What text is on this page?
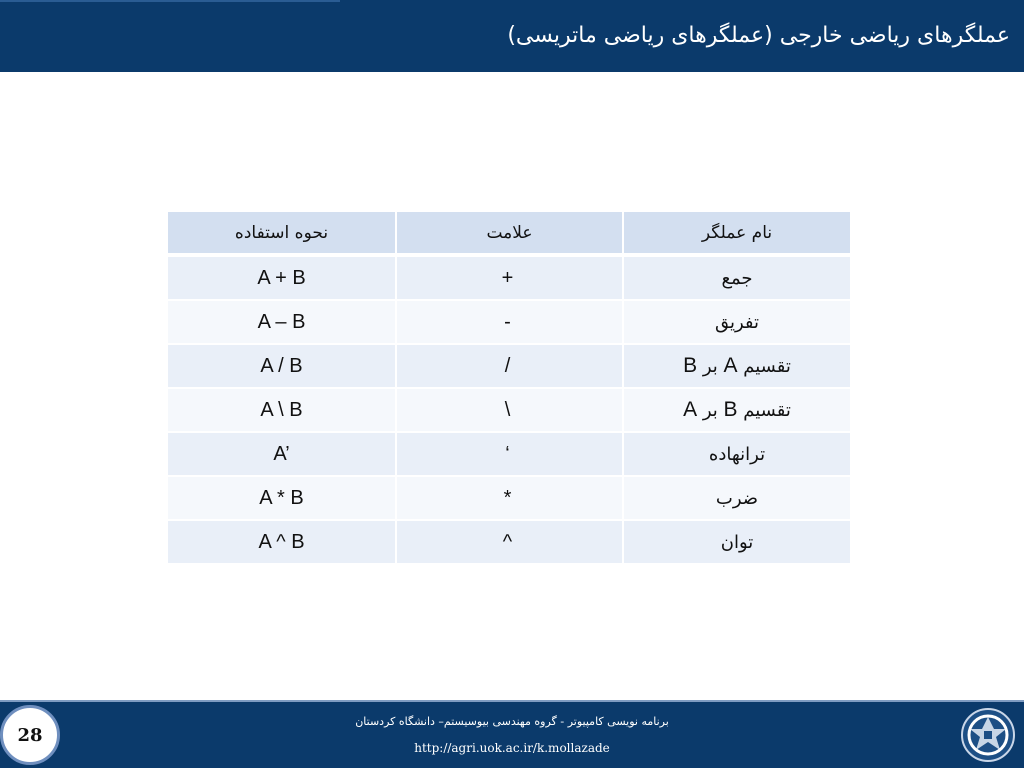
عملگرهای ریاضی خارجی (عملگرهای ریاضی ماتریسی)
نام عملگر	علامت	نحوه استفاده
جمع	+	A + B
تفریق	-	A – B
تقسیم A بر B	/	A / B
تقسیم B بر A	\	A \ B
ترانهاده	‘	A’
ضرب	*	A * B
توان	^	A ^ B
برنامه نویسی کامپیوتر - گروه مهندسی بیوسیستم– دانشگاه کردستان
http://agri.uok.ac.ir/k.mollazade
28
